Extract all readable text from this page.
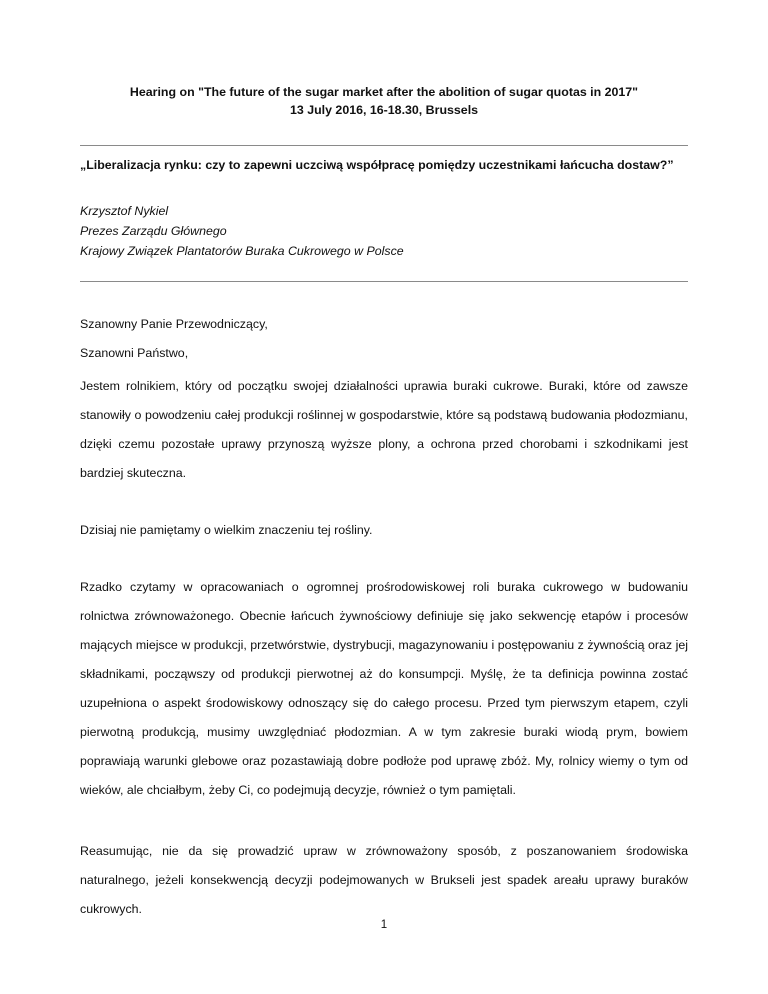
Hearing on "The future of the sugar market after the abolition of sugar quotas in 2017"
13 July 2016, 16-18.30, Brussels
„Liberalizacja rynku: czy to zapewni uczciwą współpracę pomiędzy uczestnikami łańcucha dostaw?”
Krzysztof Nykiel
Prezes Zarządu Głównego
Krajowy Związek Plantatorów Buraka Cukrowego w Polsce
Szanowny Panie Przewodniczący,
Szanowni Państwo,

Jestem rolnikiem, który od początku swojej działalności uprawia buraki cukrowe. Buraki, które od zawsze stanowiły o powodzeniu całej produkcji roślinnej w gospodarstwie, które są podstawą budowania płodozmianu, dzięki czemu pozostałe uprawy przynoszą wyższe plony, a ochrona przed chorobami i szkodnikami jest bardziej skuteczna.

Dzisiaj nie pamiętamy o wielkim znaczeniu tej rośliny.

Rzadko czytamy w opracowaniach o ogromnej prośrodowiskowej roli buraka cukrowego w budowaniu rolnictwa zrównoważonego. Obecnie łańcuch żywnościowy definiuje się jako sekwencję etapów i procesów mających miejsce w produkcji, przetwórstwie, dystrybucji, magazynowaniu i postępowaniu z żywnością oraz jej składnikami, począwszy od produkcji pierwotnej aż do konsumpcji. Myślę, że ta definicja powinna zostać uzupełniona o aspekt środowiskowy odnoszący się do całego procesu. Przed tym pierwszym etapem, czyli pierwotną produkcją, musimy uwzględniać płodozmian. A w tym zakresie buraki wiodą prym, bowiem poprawiają warunki glebowe oraz pozastawiają dobre podłoże pod uprawę zbóż. My, rolnicy wiemy o tym od wieków, ale chciałbym, żeby Ci, co podejmują decyzje, również o tym pamiętali.

Reasumując, nie da się prowadzić upraw w zrównoważony sposób, z poszanowaniem środowiska naturalnego, jeżeli konsekwencją decyzji podejmowanych w Brukseli jest spadek areału uprawy buraków cukrowych.

1
